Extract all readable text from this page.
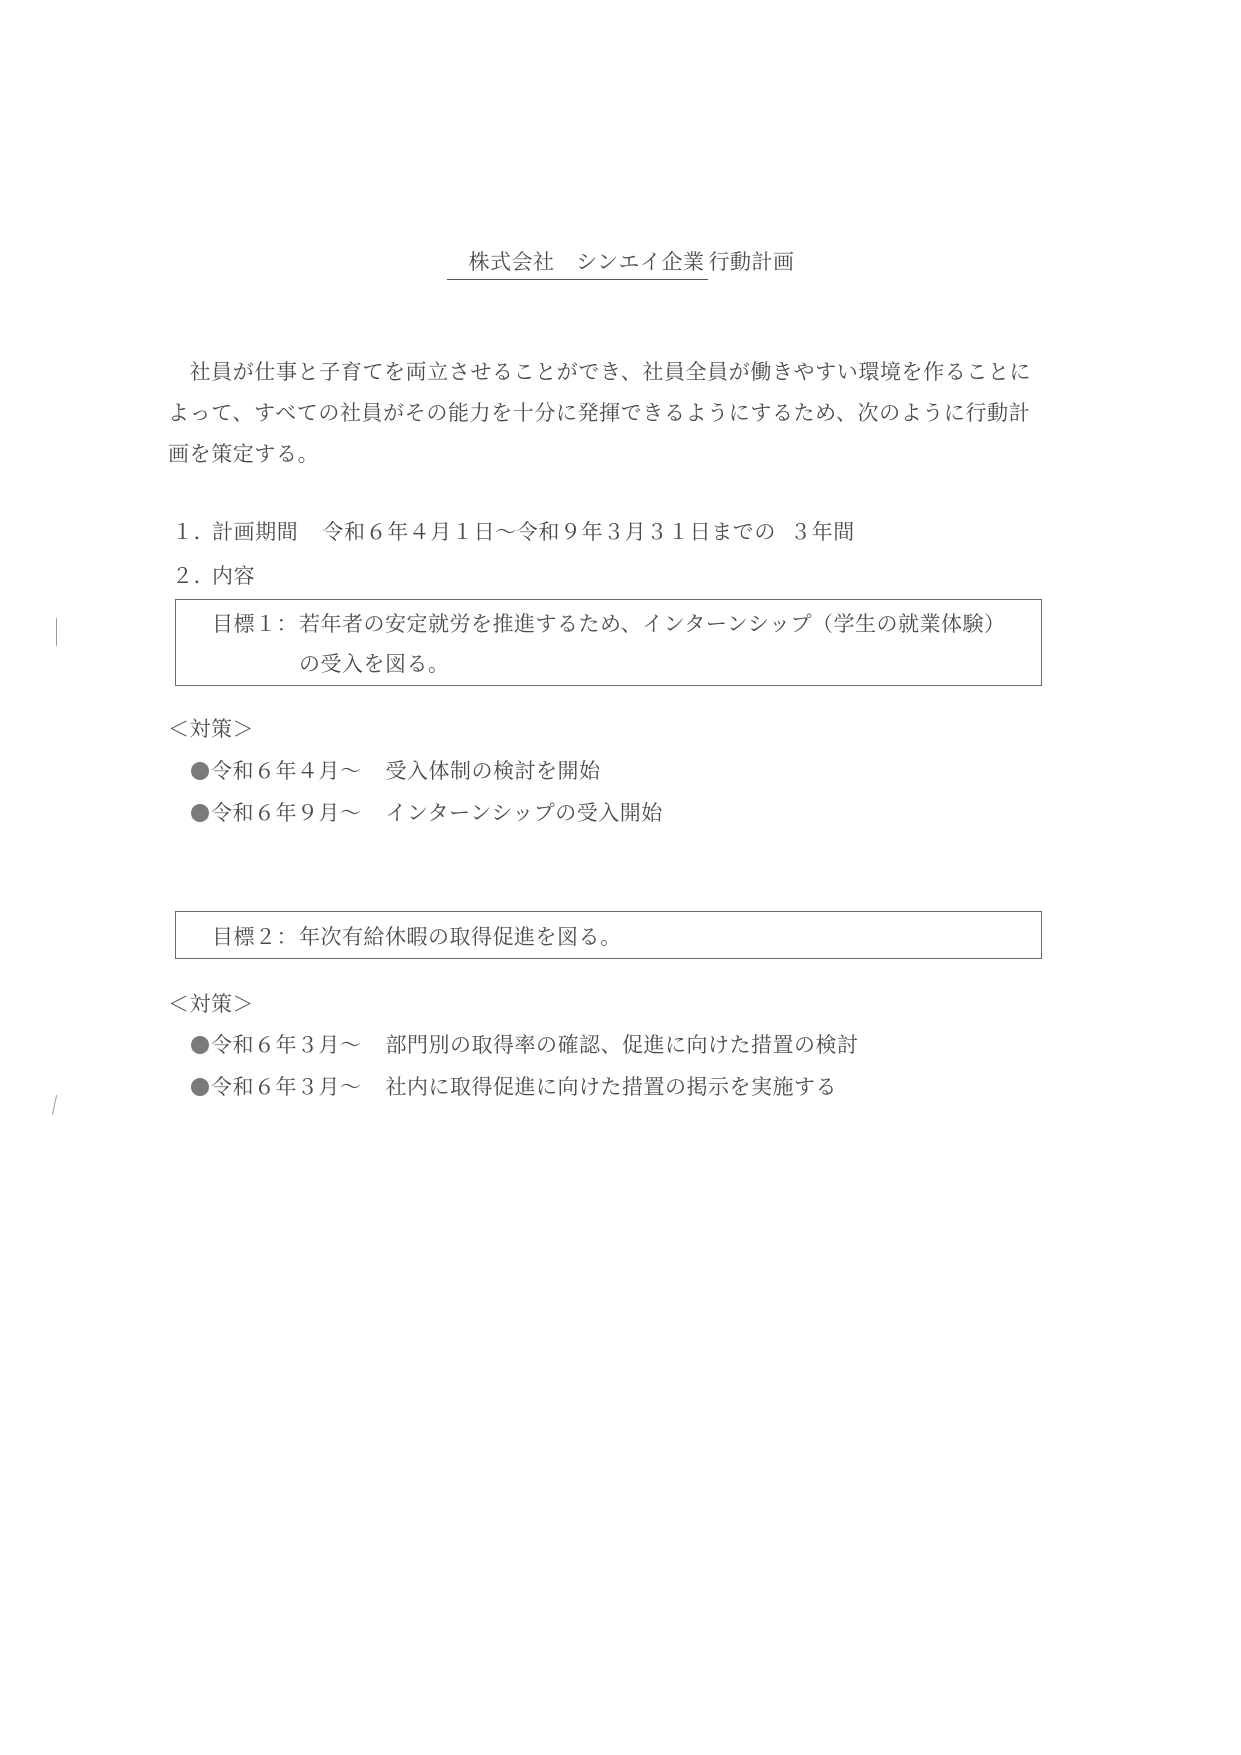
株式会社　シンエイ企業 行動計画

　社員が仕事と子育てを両立させることができ、社員全員が働きやすい環境を作ることに

よって、すべての社員がその能力を十分に発揮できるようにするため、次のように行動計

画を策定する。

１．計画期間 令和６年４月１日～令和９年３月３１日までの ３年間
２．内容
目標１： 若年者の安定就労を推進するため、インターンシップ（学生の就業体験）
の受入を図る。
＜対策＞
令和６年４月～ 受入体制の検討を開始
令和６年９月～ インターンシップの受入開始
目標２： 年次有給休暇の取得促進を図る。
＜対策＞
令和６年３月～ 部門別の取得率の確認、促進に向けた措置の検討
令和６年３月～ 社内に取得促進に向けた措置の掲示を実施する
